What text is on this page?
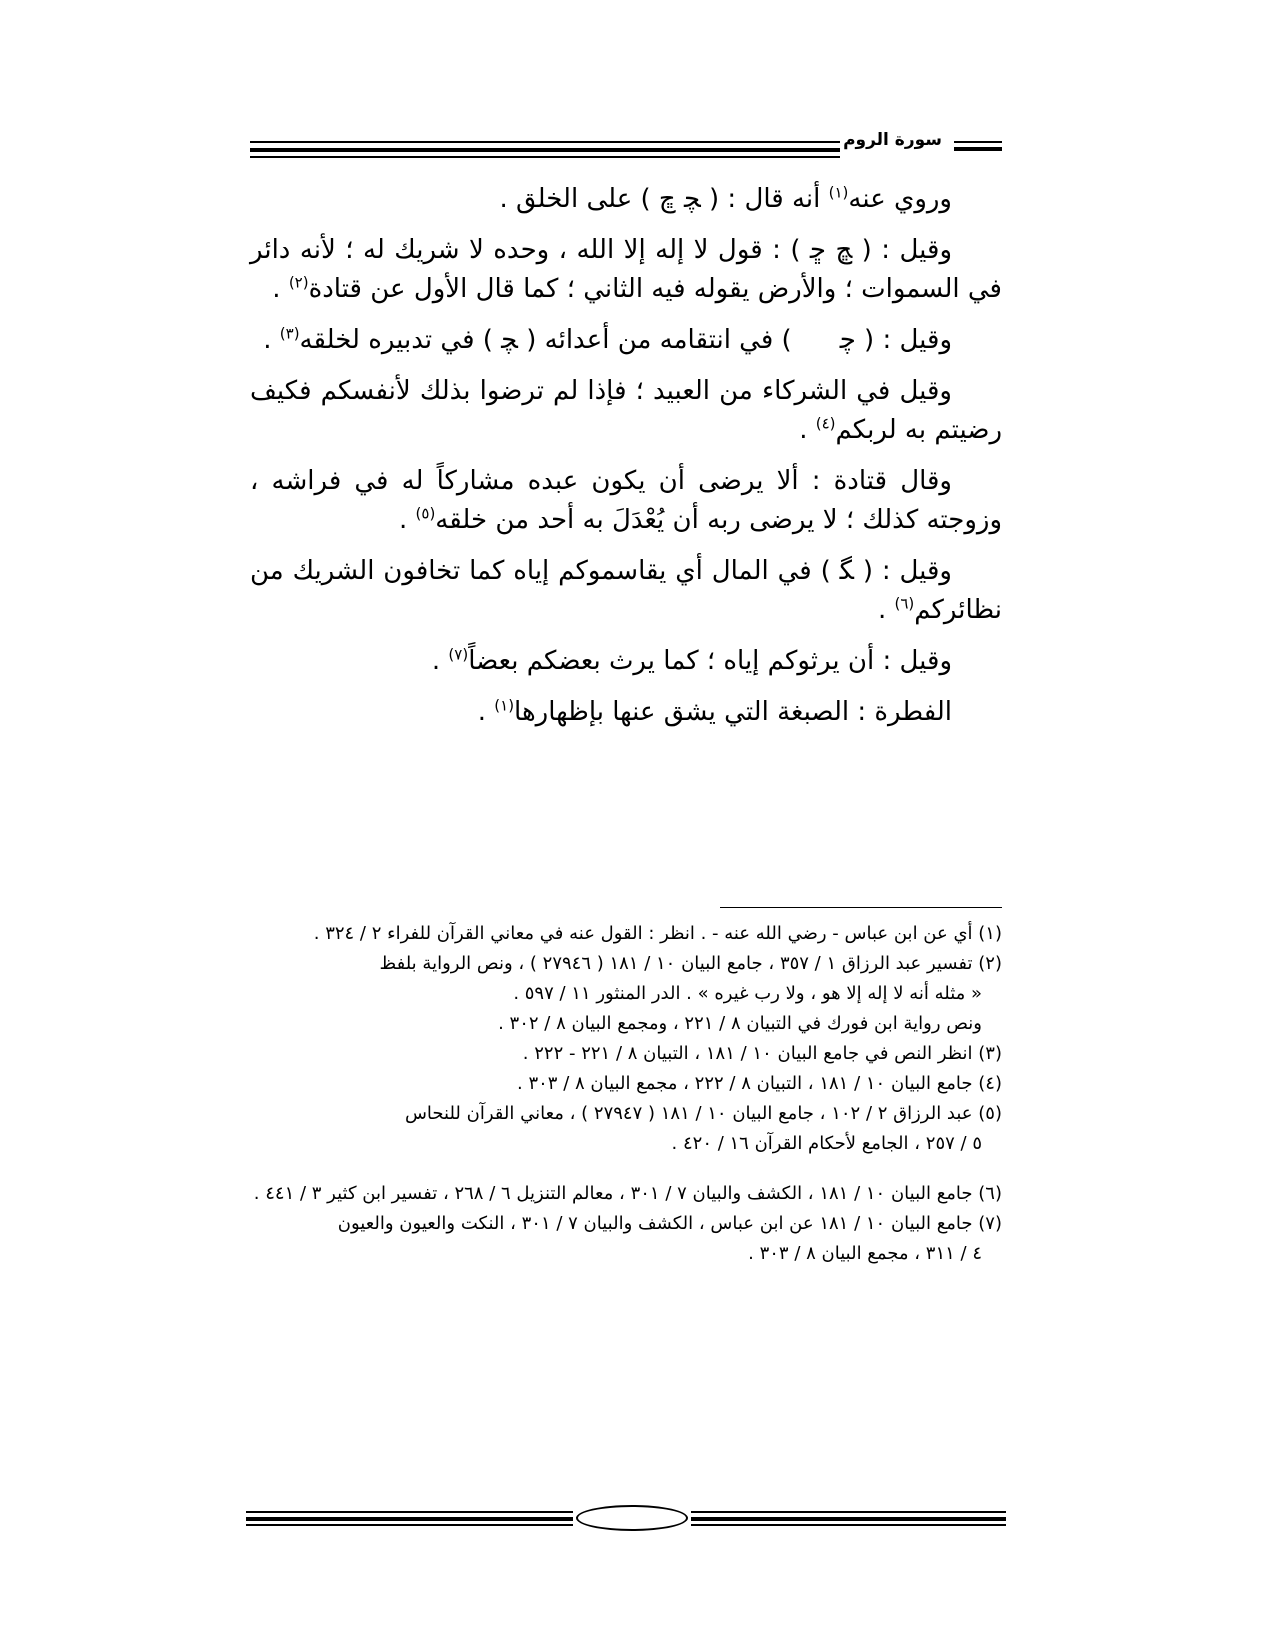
سورة الروم

وروي عنه$^{(١)}$ أنه قال : ( ﭽ ﭾ ) على الخلق .

وقيل : ( ﭿ ﮀ ) : قول لا إله إلا الله ، وحده لا شريك له ؛ لأنه دائر في السموات ؛ والأرض يقوله فيه الثاني ؛ كما قال الأول عن قتادة$^{(٢)}$ .

وقيل : ( ﭼ) في انتقامه من أعدائه ( ﭽ ) في تدبيره لخلقه$^{(٣)}$ .

وقيل في الشركاء من العبيد ؛ فإذا لم ترضوا بذلك لأنفسكم فكيف رضيتم به لربكم$^{(٤)}$ .

وقال قتادة : ألا يرضى أن يكون عبده مشاركاً له في فراشه ، وزوجته كذلك ؛ لا يرضى ربه أن يُعْدَلَ به أحد من خلقه$^{(٥)}$ .

وقيل : ( ﮕ ) في المال أي يقاسموكم إياه كما تخافون الشريك من نظائركم$^{(٦)}$ .

وقيل : أن يرثوكم إياه ؛ كما يرث بعضكم بعضاً$^{(٧)}$ .

الفطرة : الصبغة التي يشق عنها بإظهارها$^{(١)}$ .

(١) أي عن ابن عباس - رضي الله عنه - . انظر : القول عنه في معاني القرآن للفراء ٢ / ٣٢٤ .

(٢) تفسير عبد الرزاق ١ / ٣٥٧ ، جامع البيان ١٠ / ١٨١ ( ٢٧٩٤٦ ) ، ونص الرواية بلفظ

« مثله أنه لا إله إلا هو ، ولا رب غيره » . الدر المنثور ١١ / ٥٩٧ .

ونص رواية ابن فورك في التبيان ٨ / ٢٢١ ، ومجمع البيان ٨ / ٣٠٢ .

(٣) انظر النص في جامع البيان ١٠ / ١٨١ ، التبيان ٨ / ٢٢١ - ٢٢٢ .

(٤) جامع البيان ١٠ / ١٨١ ، التبيان ٨ / ٢٢٢ ، مجمع البيان ٨ / ٣٠٣ .

(٥) عبد الرزاق ٢ / ١٠٢ ، جامع البيان ١٠ / ١٨١ ( ٢٧٩٤٧ ) ، معاني القرآن للنحاس

٥ / ٢٥٧ ، الجامع لأحكام القرآن ١٦ / ٤٢٠ .

(٦) جامع البيان ١٠ / ١٨١ ، الكشف والبيان ٧ / ٣٠١ ، معالم التنزيل ٦ / ٢٦٨ ، تفسير ابن كثير ٣ / ٤٤١ .

(٧) جامع البيان ١٠ / ١٨١ عن ابن عباس ، الكشف والبيان ٧ / ٣٠١ ، النكت والعيون والعيون

٤ / ٣١١ ، مجمع البيان ٨ / ٣٠٣ .
